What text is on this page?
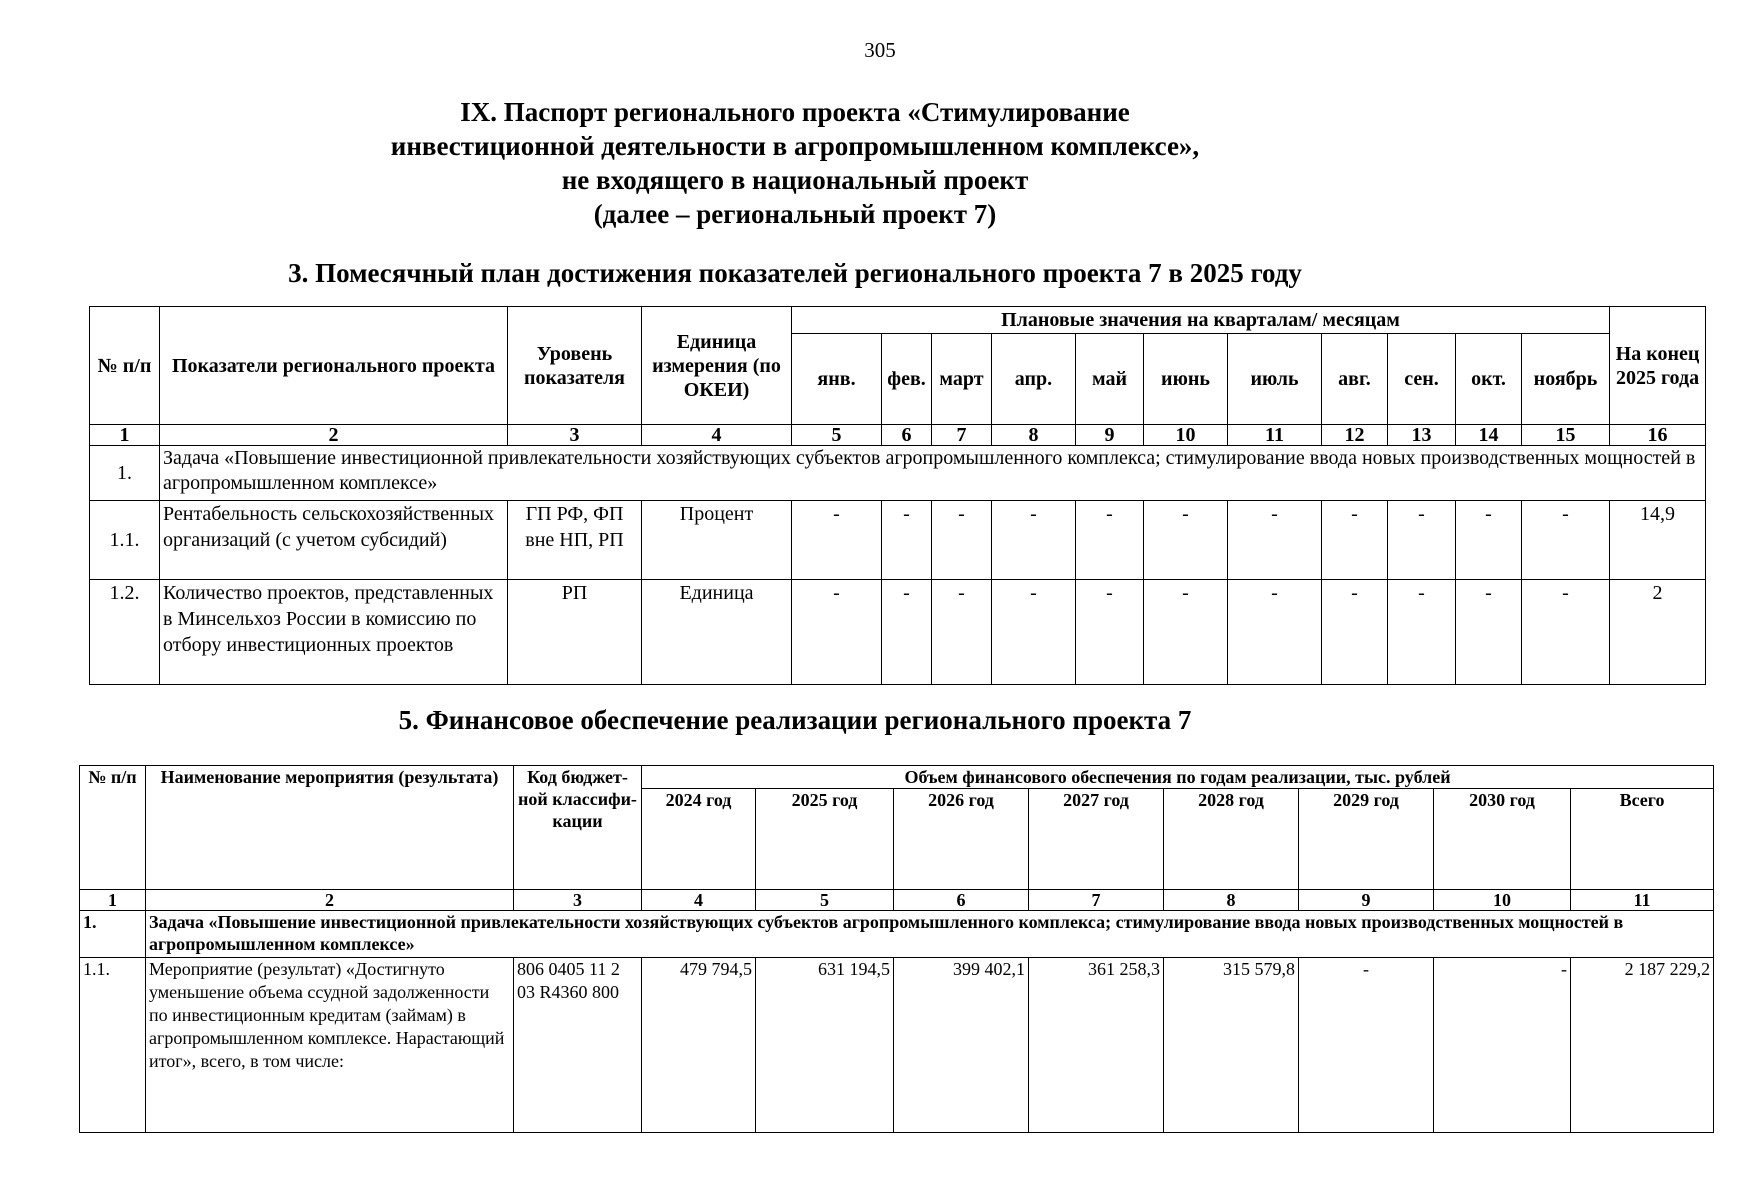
305
IX. Паспорт регионального проекта «Стимулирование
инвестиционной деятельности в агропромышленном комплексе»,
не входящего в национальный проект
(далее – региональный проект 7)
3. Помесячный план достижения показателей регионального проекта 7 в 2025 году
№ п/п	Показатели регионального проекта	Уровень показателя	Единица измерения (по ОКЕИ)	Плановые значения на кварталам/ месяцам											На конец 2025 года
				янв.	фев.	март	апр.	май	июнь	июль	авг.	сен.	окт.	ноябрь	
1	2	3	4	5	6	7	8	9	10	11	12	13	14	15	16
1.	Задача «Повышение инвестиционной привлекательности хозяйствующих субъектов агропромышленного комплекса; стимулирование ввода новых производственных мощностей в агропромышленном комплексе»														
1.1.	Рентабельность сельскохозяйственных организаций (с учетом субсидий)	ГП РФ, ФП вне НП, РП	Процент	-	-	-	-	-	-	-	-	-	-	-	14,9
1.2.	Количество проектов, представленных в Минсельхоз России в комиссию по отбору инвестиционных проектов	РП	Единица	-	-	-	-	-	-	-	-	-	-	-	2
5. Финансовое обеспечение реализации регионального проекта 7
№ п/п	Наименование мероприятия (результата)	Код бюджет-ной классифи-кации	Объем финансового обеспечения по годам реализации, тыс. рублей							
			2024 год	2025 год	2026 год	2027 год	2028 год	2029 год	2030 год	Всего
1	2	3	4	5	6	7	8	9	10	11
1.	Задача «Повышение инвестиционной привлекательности хозяйствующих субъектов агропромышленного комплекса; стимулирование ввода новых производственных мощностей в агропромышленном комплексе»									
1.1.	Мероприятие (результат) «Достигнуто уменьшение объема ссудной задолженности по инвестиционным кредитам (займам) в агропромышленном комплексе. Нарастающий итог», всего, в том числе:	806 0405 11 2 03 R4360 800	479 794,5	631 194,5	399 402,1	361 258,3	315 579,8	-	-	2 187 229,2
